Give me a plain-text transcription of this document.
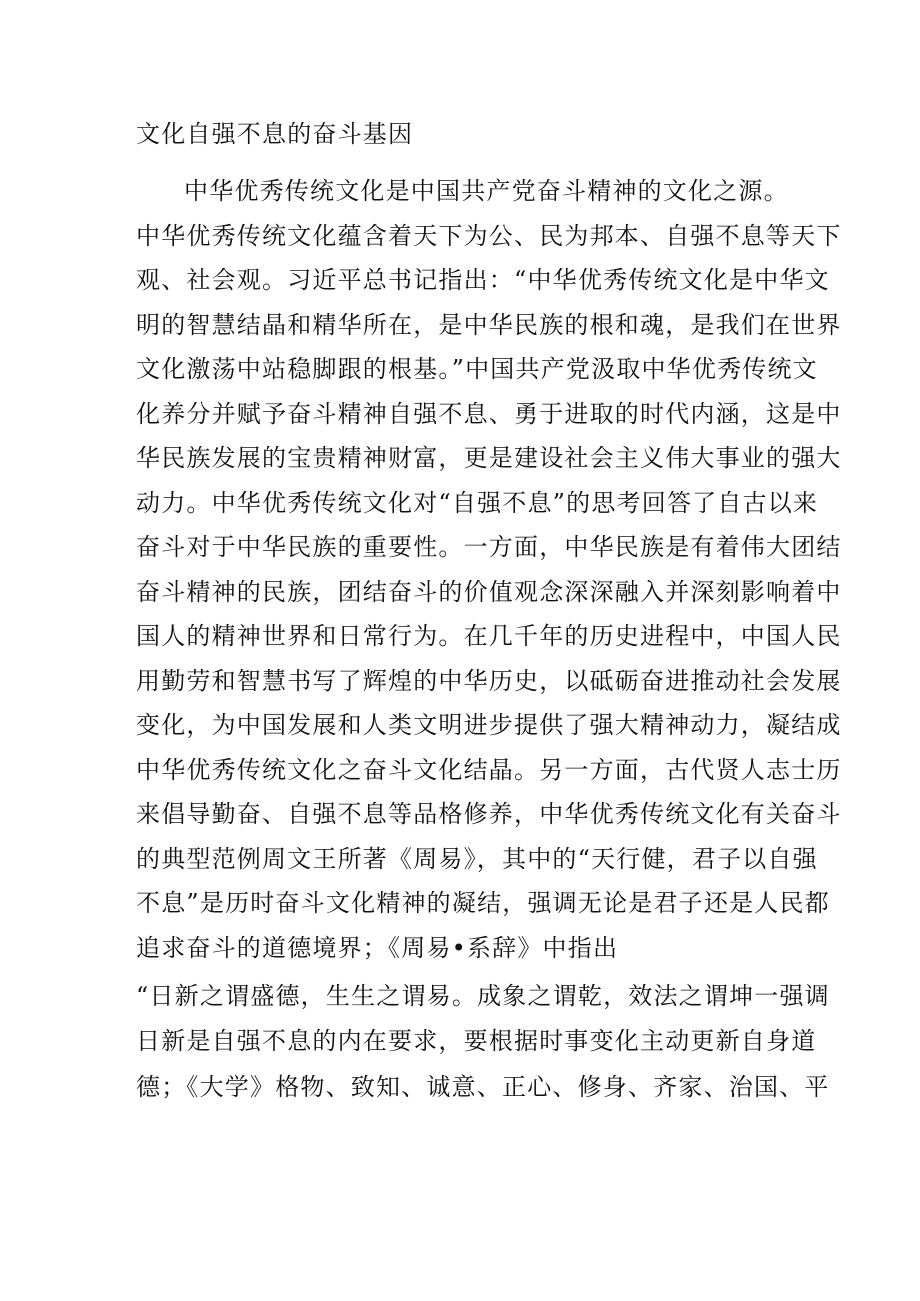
文化自强不息的奋斗基因
中华优秀传统文化是中国共产党奋斗精神的文化之源。
中华优秀传统文化蕴含着天下为公、民为邦本、自强不息等天下
观、社会观。习近平总书记指出：“中华优秀传统文化是中华文
明的智慧结晶和精华所在，是中华民族的根和魂，是我们在世界
文化激荡中站稳脚跟的根基。”中国共产党汲取中华优秀传统文
化养分并赋予奋斗精神自强不息、勇于进取的时代内涵，这是中
华民族发展的宝贵精神财富，更是建设社会主义伟大事业的强大
动力。中华优秀传统文化对“自强不息”的思考回答了自古以来
奋斗对于中华民族的重要性。一方面，中华民族是有着伟大团结
奋斗精神的民族，团结奋斗的价值观念深深融入并深刻影响着中
国人的精神世界和日常行为。在几千年的历史进程中，中国人民
用勤劳和智慧书写了辉煌的中华历史，以砥砺奋进推动社会发展
变化，为中国发展和人类文明进步提供了强大精神动力，凝结成
中华优秀传统文化之奋斗文化结晶。另一方面，古代贤人志士历
来倡导勤奋、自强不息等品格修养，中华优秀传统文化有关奋斗
的典型范例周文王所著《周易》，其中的“天行健，君子以自强
不息”是历时奋斗文化精神的凝结，强调无论是君子还是人民都
追求奋斗的道德境界；《周易•系辞》中指出
“日新之谓盛德，生生之谓易。成象之谓乾，效法之谓坤一强调
日新是自强不息的内在要求，要根据时事变化主动更新自身道
德；《大学》格物、致知、诚意、正心、修身、齐家、治国、平
